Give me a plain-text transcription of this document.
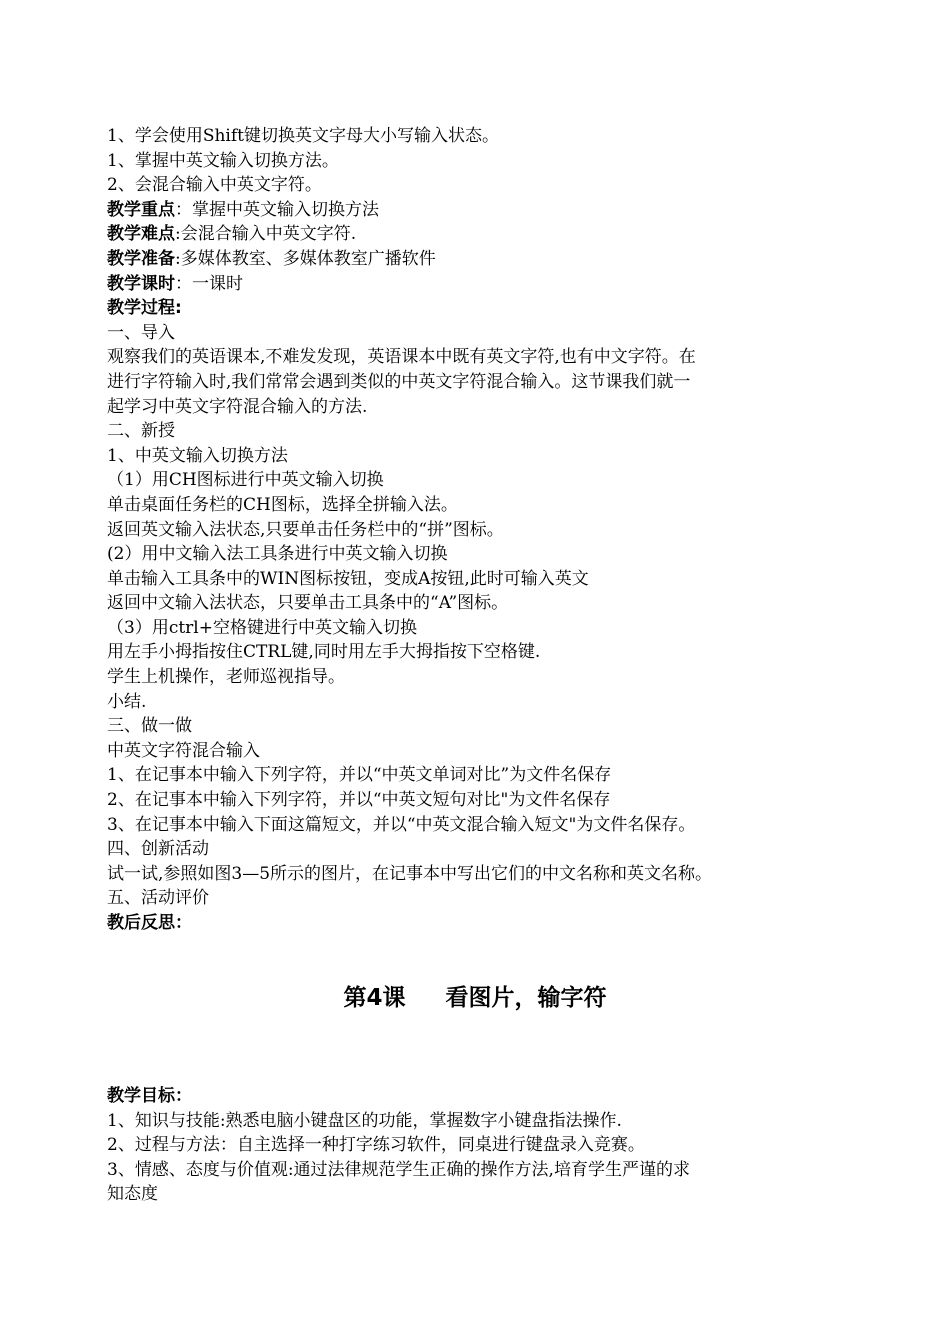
1、学会使用Shift键切换英文字母大小写输入状态。
1、掌握中英文输入切换方法。
2、会混合输入中英文字符。
教学重点：掌握中英文输入切换方法
教学难点:会混合输入中英文字符.
教学准备:多媒体教室、多媒体教室广播软件
教学课时：一课时
教学过程:
一、导入
观察我们的英语课本,不难发发现，英语课本中既有英文字符,也有中文字符。在
进行字符输入时,我们常常会遇到类似的中英文字符混合输入。这节课我们就一
起学习中英文字符混合输入的方法.
二、新授
1、中英文输入切换方法
（1）用CH图标进行中英文输入切换
单击桌面任务栏的CH图标，选择全拼输入法。
返回英文输入法状态,只要单击任务栏中的“拼”图标。
(2）用中文输入法工具条进行中英文输入切换
单击输入工具条中的WIN图标按钮，变成A按钮,此时可输入英文
返回中文输入法状态，只要单击工具条中的“A”图标。
（3）用ctrl+空格键进行中英文输入切换
用左手小拇指按住CTRL键,同时用左手大拇指按下空格键.
学生上机操作，老师巡视指导。
小结.
三、做一做
中英文字符混合输入
1、在记事本中输入下列字符，并以“中英文单词对比”为文件名保存
2、在记事本中输入下列字符，并以“中英文短句对比"为文件名保存
3、在记事本中输入下面这篇短文，并以“中英文混合输入短文"为文件名保存。
四、创新活动
试一试,参照如图3—5所示的图片，在记事本中写出它们的中文名称和英文名称。
五、活动评价
教后反思：
第4课     看图片，输字符
教学目标：
1、知识与技能:熟悉电脑小键盘区的功能，掌握数字小键盘指法操作.
2、过程与方法：自主选择一种打字练习软件，同桌进行键盘录入竞赛。
3、情感、态度与价值观:通过法律规范学生正确的操作方法,培育学生严谨的求
知态度
